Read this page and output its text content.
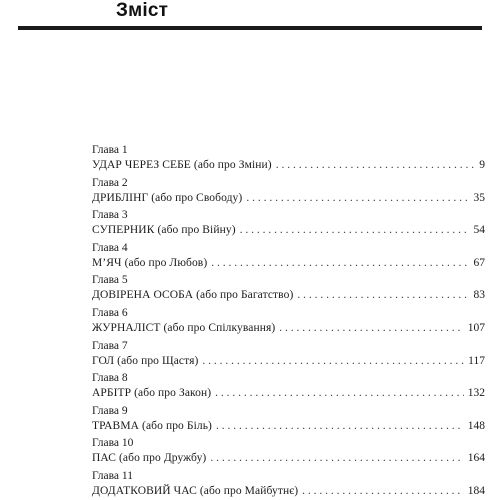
Зміст
Глава 1
УДАР ЧЕРЕЗ СЕБЕ (або про Зміни) . . .	9
Глава 2
ДРИБЛІНГ (або про Свободу) . . .	35
Глава 3
СУПЕРНИК (або про Війну) . . .	54
Глава 4
М’ЯЧ (або про Любов) . . .	67
Глава 5
ДОВІРЕНА ОСОБА (або про Багатство) . . .	83
Глава 6
ЖУРНАЛІСТ (або про Спілкування) . . .	107
Глава 7
ГОЛ (або про Щастя) . . .	117
Глава 8
АРБІТР (або про Закон) . . .	132
Глава 9
ТРАВМА (або про Біль) . . .	148
Глава 10
ПАС (або про Дружбу) . . .	164
Глава 11
ДОДАТКОВИЙ ЧАС (або про Майбутнє) . . .	184
